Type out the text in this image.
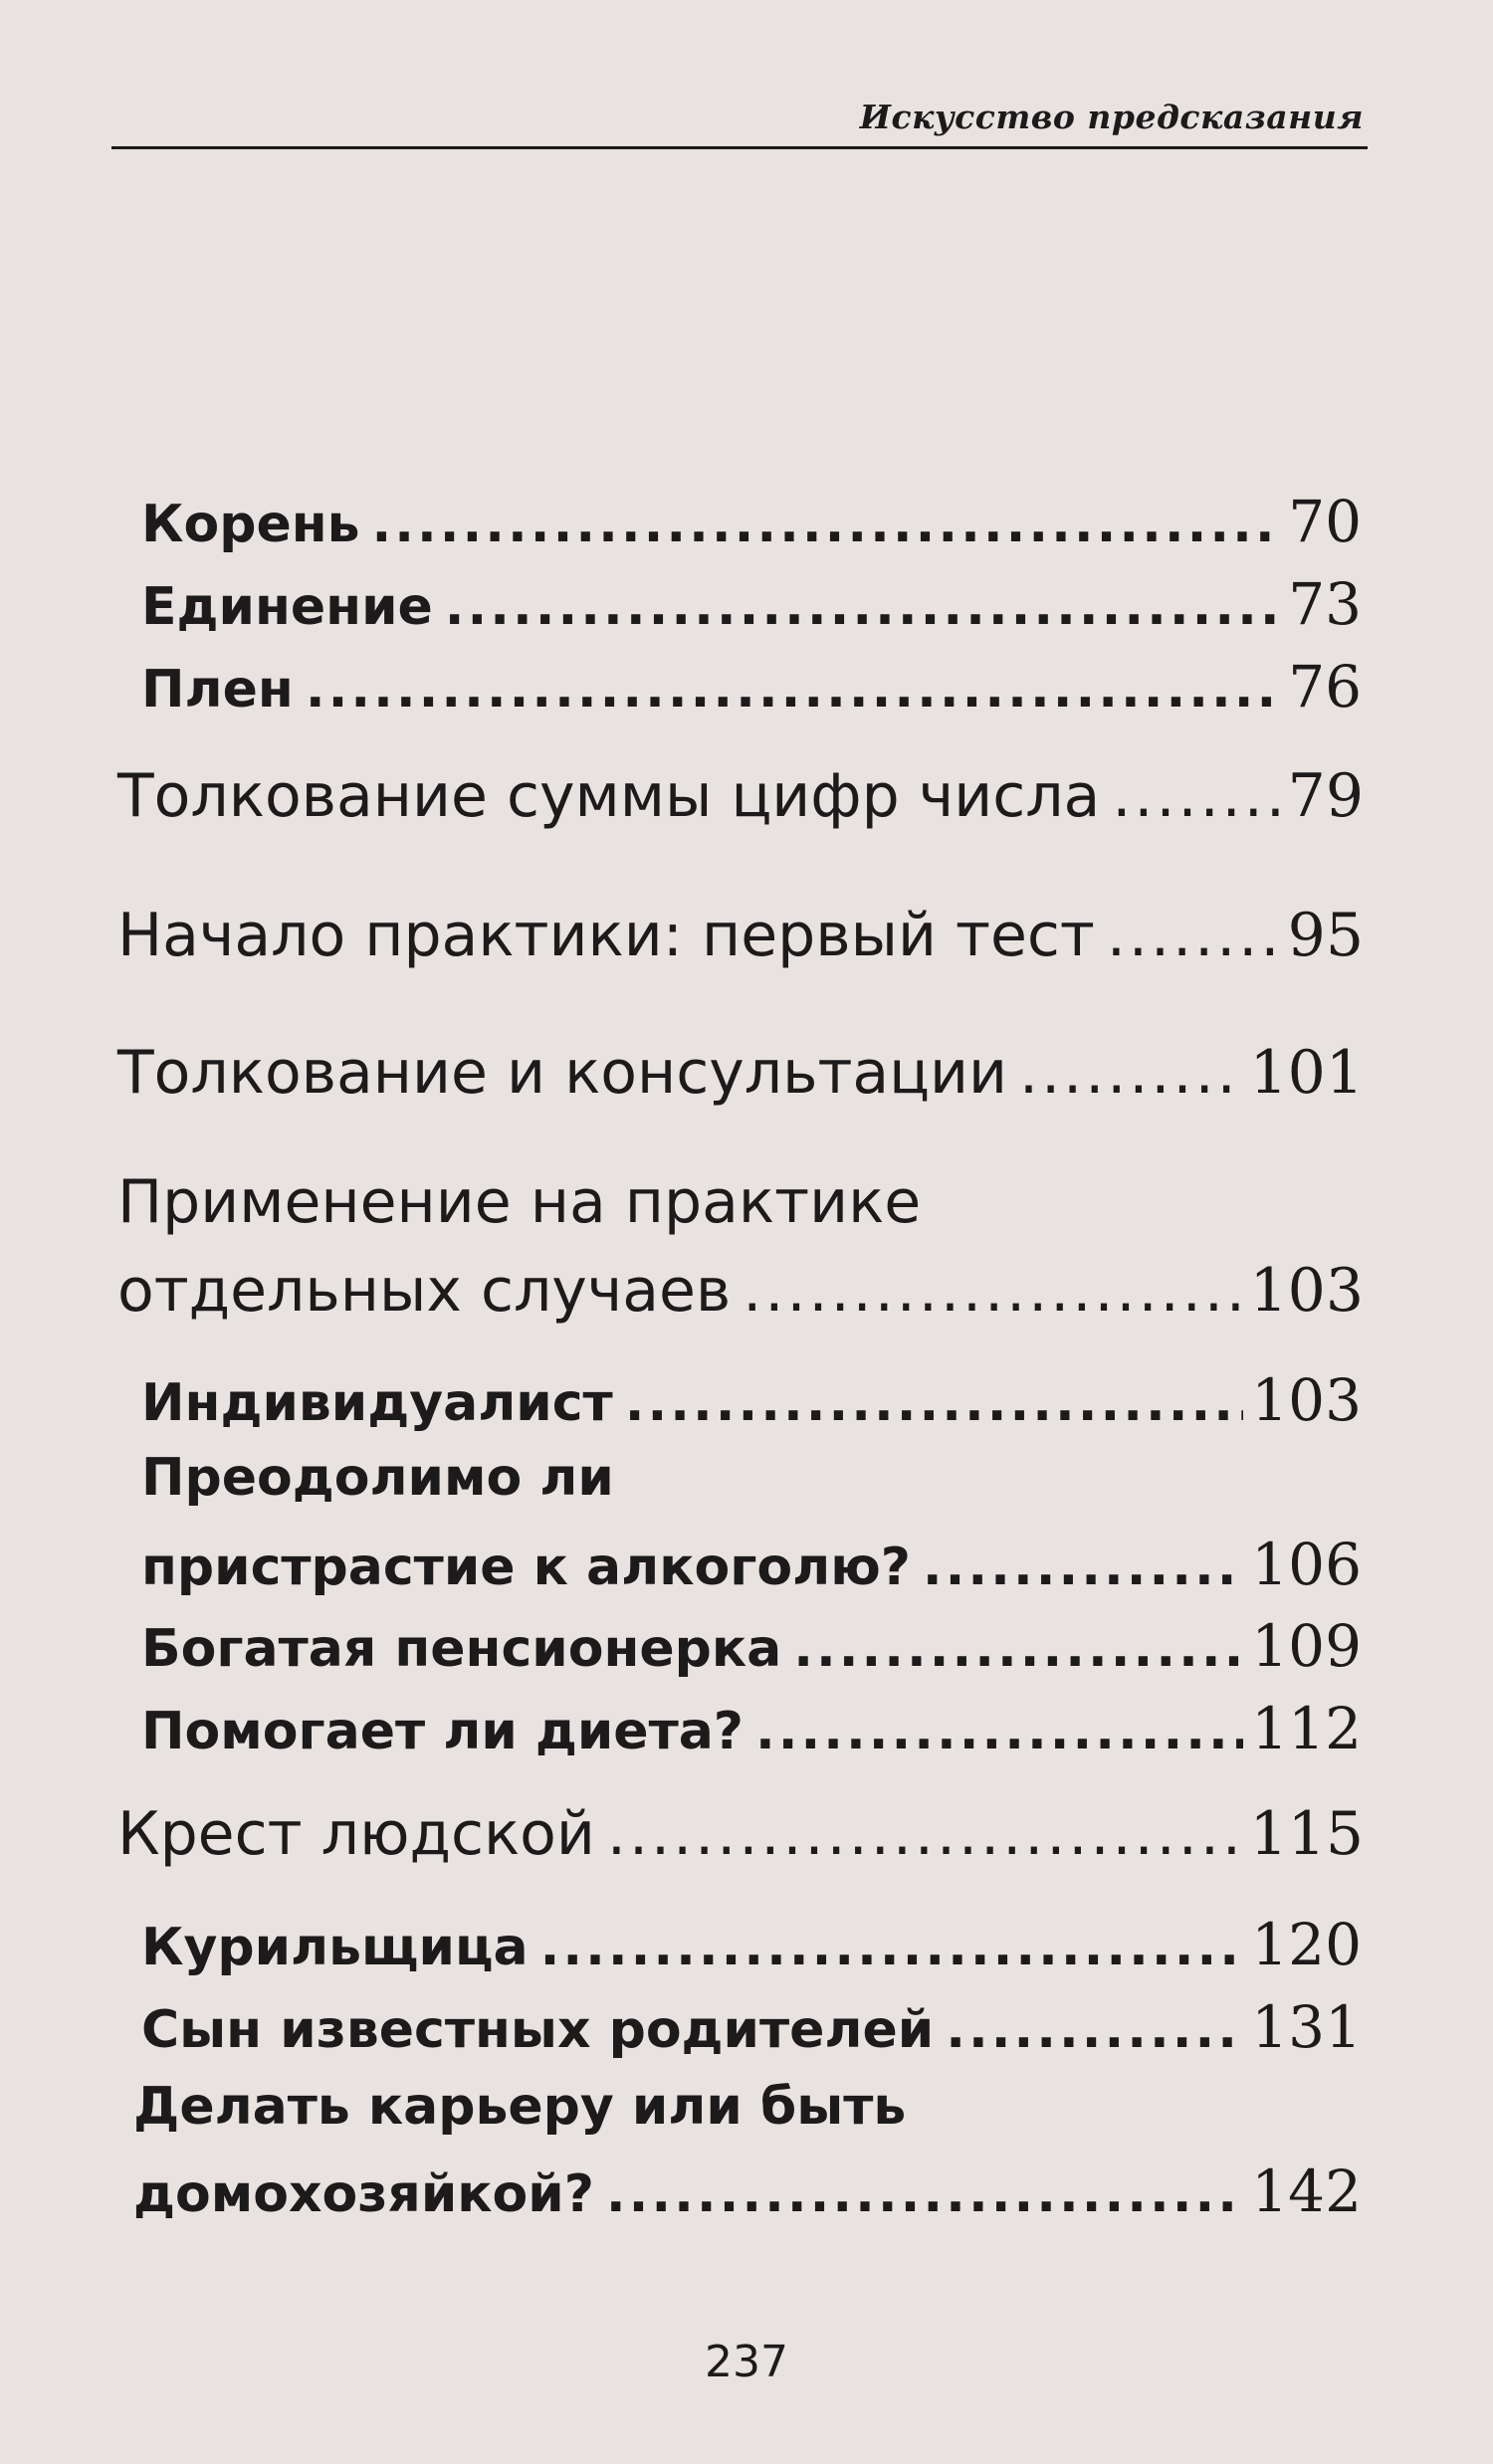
Искусство предсказания
Корень .....	70
Единение .....	73
Плен .....	76
Толкование суммы цифр числа .....	79
Начало практики: первый тест .....	95
Толкование и консультации .....	101
Применение на практике
отдельных случаев .....	103
Индивидуалист .....	103
Преодолимо ли
пристрастие к алкоголю? .....	106
Богатая пенсионерка .....	109
Помогает ли диета? .....	112
Крест людской .....	115
Курильщица .....	120
Сын известных родителей .....	131
Делать карьеру или быть
домохозяйкой? .....	142
237
